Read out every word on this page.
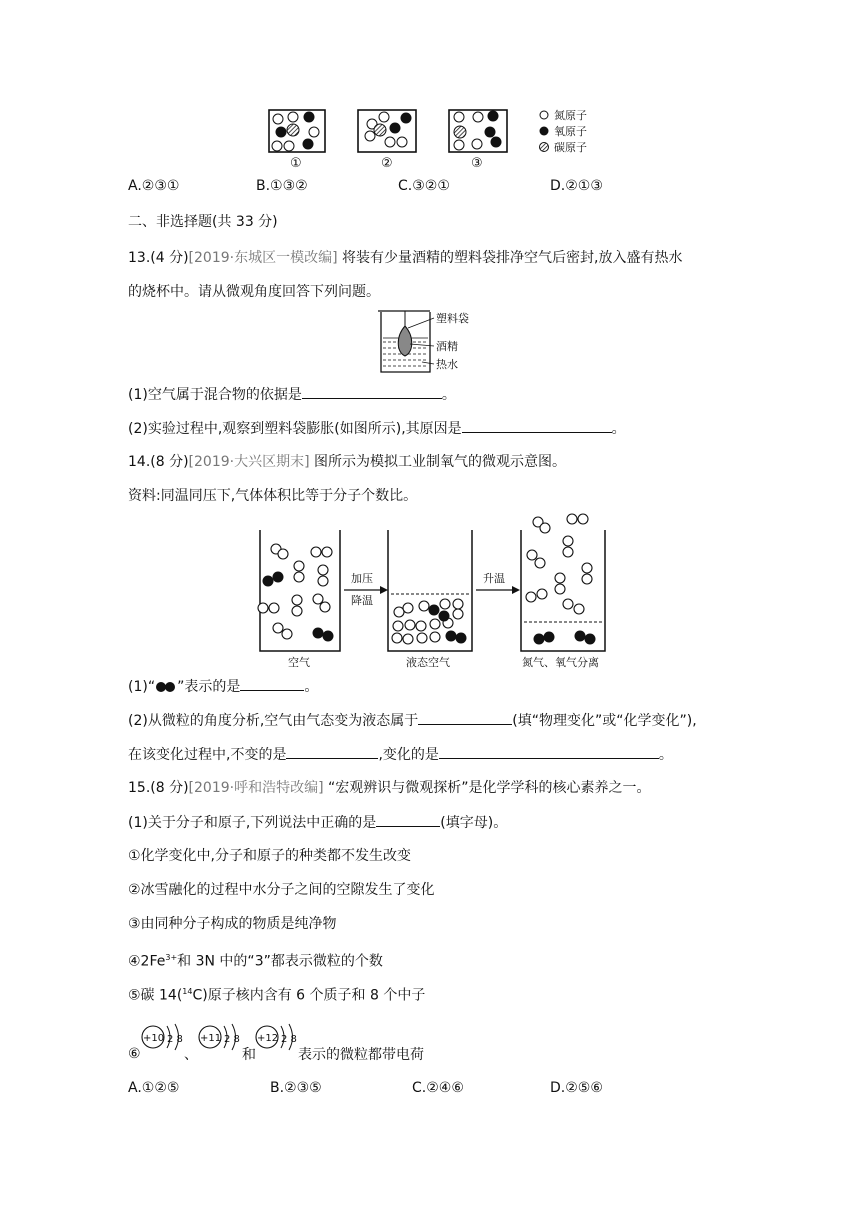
①	②	③
氮原子
氧原子
碳原子
A.②③①	B.①③②	C.③②①	D.②①③
二、非选择题(共 33 分)
13.(4 分)[2019·东城区一模改编] 将装有少量酒精的塑料袋排净空气后密封,放入盛有热水
的烧杯中。请从微观角度回答下列问题。
塑料袋
酒精
热水
(1)空气属于混合物的依据是	。
(2)实验过程中,观察到塑料袋膨胀(如图所示),其原因是	。
14.(8 分)[2019·大兴区期末] 图所示为模拟工业制氧气的微观示意图。
资料:同温同压下,气体体积比等于分子个数比。
加压
降温
升温
空气	液态空气	氮气、氧气分离
(1)“ ”表示的是	。
(2)从微粒的角度分析,空气由气态变为液态属于	(填“物理变化”或“化学变化”),
在该变化过程中,不变的是	,变化的是	。
15.(8 分)[2019·呼和浩特改编] “宏观辨识与微观探析”是化学学科的核心素养之一。
(1)关于分子和原子,下列说法中正确的是	(填字母)。
①化学变化中,分子和原子的种类都不发生改变
②冰雪融化的过程中水分子之间的空隙发生了变化
③由同种分子构成的物质是纯净物
$④2Fe^{3+}$和 3N 中的“3”都表示微粒的个数
⑤碳 14($^{14}$C)原子核内含有 6 个质子和 8 个中子
⑥	、	和	表示的微粒都带电荷
+10 2 8 +11 2 8 +12 2 8
A.①②⑤	B.②③⑤	C.②④⑥	D.②⑤⑥
